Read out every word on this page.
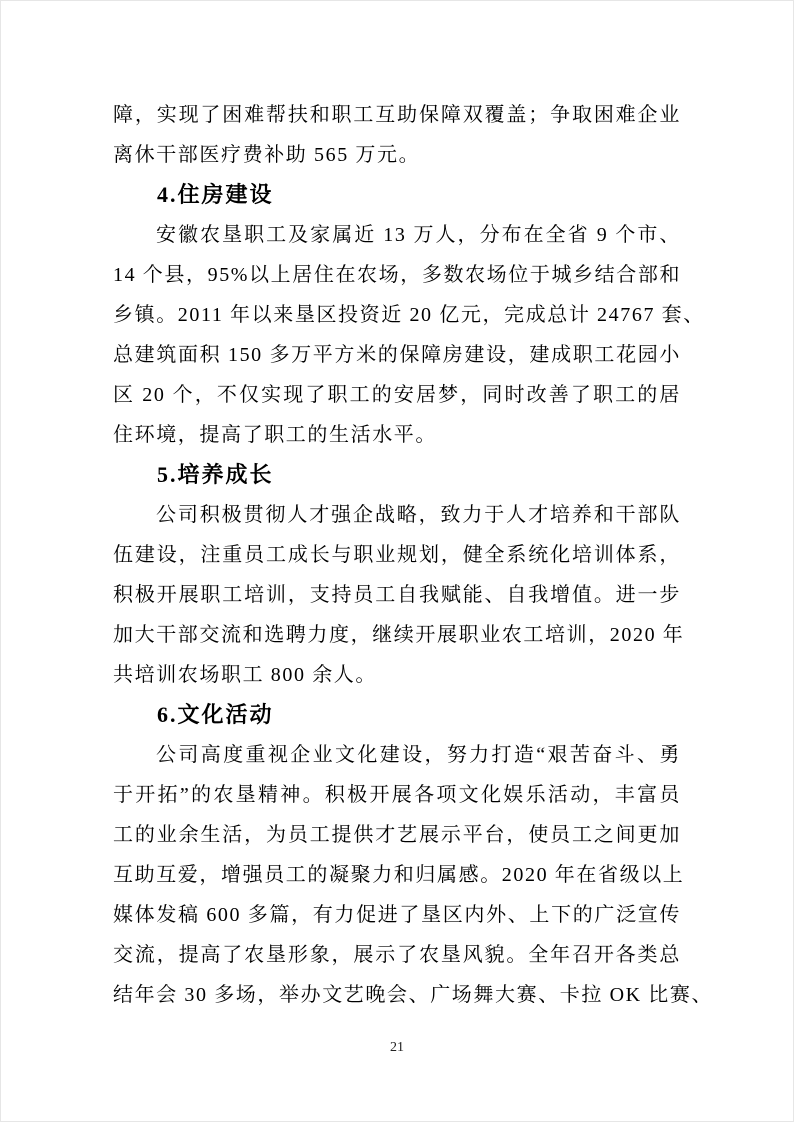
障，实现了困难帮扶和职工互助保障双覆盖；争取困难企业
离休干部医疗费补助 565 万元。
4.住房建设
安徽农垦职工及家属近 13 万人，分布在全省 9 个市、
14 个县，95%以上居住在农场，多数农场位于城乡结合部和
乡镇。2011 年以来垦区投资近 20 亿元，完成总计 24767 套、
总建筑面积 150 多万平方米的保障房建设，建成职工花园小
区 20 个，不仅实现了职工的安居梦，同时改善了职工的居
住环境，提高了职工的生活水平。
5.培养成长
公司积极贯彻人才强企战略，致力于人才培养和干部队
伍建设，注重员工成长与职业规划，健全系统化培训体系，
积极开展职工培训，支持员工自我赋能、自我增值。进一步
加大干部交流和选聘力度，继续开展职业农工培训，2020 年
共培训农场职工 800 余人。
6.文化活动
公司高度重视企业文化建设，努力打造“艰苦奋斗、勇
于开拓”的农垦精神。积极开展各项文化娱乐活动，丰富员
工的业余生活，为员工提供才艺展示平台，使员工之间更加
互助互爱，增强员工的凝聚力和归属感。2020 年在省级以上
媒体发稿 600 多篇，有力促进了垦区内外、上下的广泛宣传
交流，提高了农垦形象，展示了农垦风貌。全年召开各类总
结年会 30 多场，举办文艺晚会、广场舞大赛、卡拉 OK 比赛、
21
